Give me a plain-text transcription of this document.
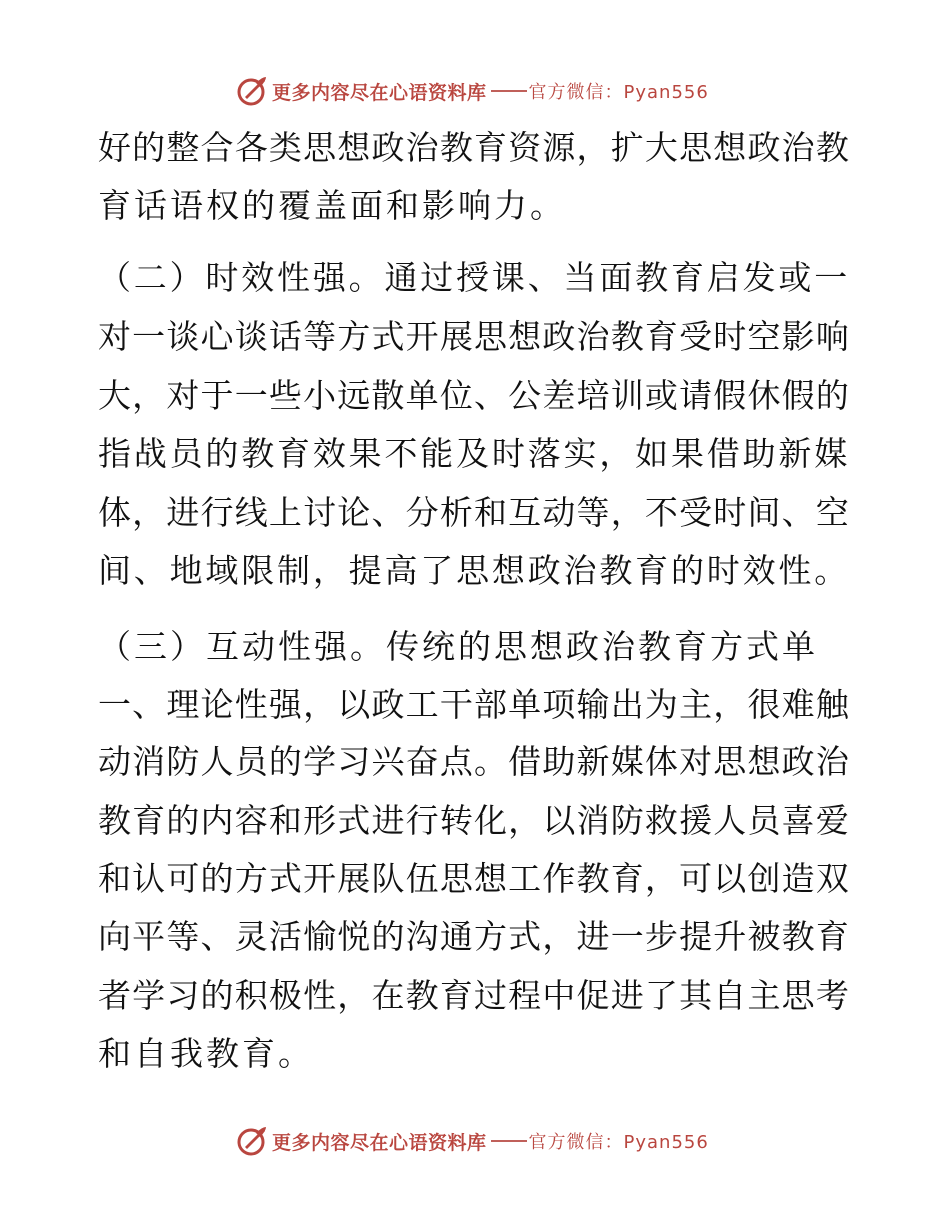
更多内容尽在心语资料库 官方微信：Pyan556
好的整合各类思想政治教育资源，扩大思想政治教
育话语权的覆盖面和影响力。
（二）时效性强。通过授课、当面教育启发或一
对一谈心谈话等方式开展思想政治教育受时空影响
大，对于一些小远散单位、公差培训或请假休假的
指战员的教育效果不能及时落实，如果借助新媒
体，进行线上讨论、分析和互动等，不受时间、空
间、地域限制，提高了思想政治教育的时效性。
（三）互动性强。传统的思想政治教育方式单
一、理论性强，以政工干部单项输出为主，很难触
动消防人员的学习兴奋点。借助新媒体对思想政治
教育的内容和形式进行转化，以消防救援人员喜爱
和认可的方式开展队伍思想工作教育，可以创造双
向平等、灵活愉悦的沟通方式，进一步提升被教育
者学习的积极性，在教育过程中促进了其自主思考
和自我教育。
更多内容尽在心语资料库 官方微信：Pyan556
